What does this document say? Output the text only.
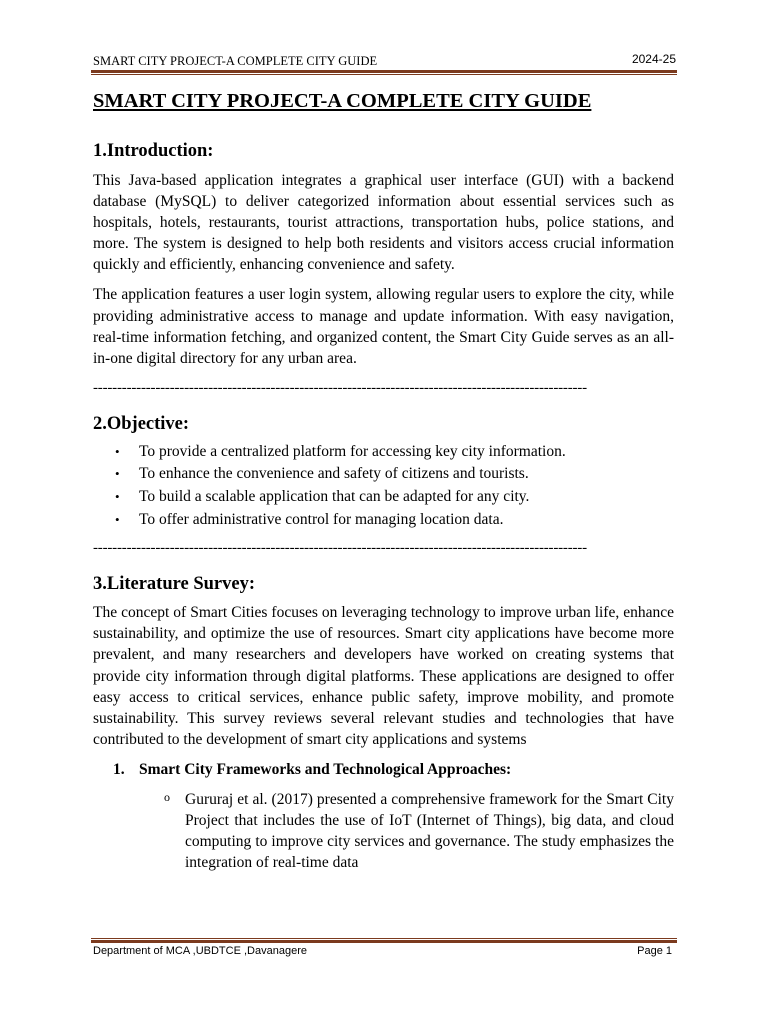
SMART CITY PROJECT-A COMPLETE CITY GUIDE	2024-25
SMART CITY PROJECT-A COMPLETE CITY GUIDE
1.Introduction:

This Java-based application integrates a graphical user interface (GUI) with a backend database (MySQL) to deliver categorized information about essential services such as hospitals, hotels, restaurants, tourist attractions, transportation hubs, police stations, and more. The system is designed to help both residents and visitors access crucial information quickly and efficiently, enhancing convenience and safety.

The application features a user login system, allowing regular users to explore the city, while providing administrative access to manage and update information. With easy navigation, real-time information fetching, and organized content, the Smart City Guide serves as an all-in-one digital directory for any urban area.

-------------------------------------------------------------------------------------------------------
2.Objective:
• To provide a centralized platform for accessing key city information.
• To enhance the convenience and safety of citizens and tourists.
• To build a scalable application that can be adapted for any city.
• To offer administrative control for managing location data.
-------------------------------------------------------------------------------------------------------
3.Literature Survey:

The concept of Smart Cities focuses on leveraging technology to improve urban life, enhance sustainability, and optimize the use of resources. Smart city applications have become more prevalent, and many researchers and developers have worked on creating systems that provide city information through digital platforms. These applications are designed to offer easy access to critical services, enhance public safety, improve mobility, and promote sustainability. This survey reviews several relevant studies and technologies that have contributed to the development of smart city applications and systems

1. Smart City Frameworks and Technological Approaches:
o Gururaj et al. (2017) presented a comprehensive framework for the Smart City Project that includes the use of IoT (Internet of Things), big data, and cloud computing to improve city services and governance. The study emphasizes the integration of real-time data

Department of MCA ,UBDTCE ,Davanagere	Page 1
